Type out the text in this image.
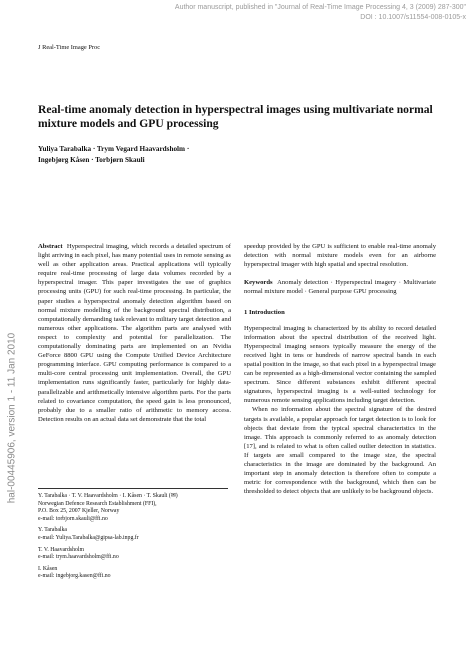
Author manuscript, published in "Journal of Real-Time Image Processing 4, 3 (2009) 287-300"
DOI : 10.1007/s11554-008-0105-x
hal-00445906, version 1 - 11 Jan 2010
J Real-Time Image Proc
Real-time anomaly detection in hyperspectral images using multivariate normal mixture models and GPU processing
Yuliya Tarabalka · Trym Vegard Haavardsholm ·
Ingebjørg Kåsen · Torbjørn Skauli

Abstract Hyperspectral imaging, which records a detailed spectrum of light arriving in each pixel, has many potential uses in remote sensing as well as other application areas. Practical applications will typically require real-time processing of large data volumes recorded by a hyperspectral imager. This paper investigates the use of graphics processing units (GPU) for such real-time processing. In particular, the paper studies a hyperspectral anomaly detection algorithm based on normal mixture modelling of the background spectral distribution, a computationally demanding task relevant to military target detection and numerous other applications. The algorithm parts are analysed with respect to complexity and potential for parallelization. The computationally dominating parts are implemented on an Nvidia GeForce 8800 GPU using the Compute Unified Device Architecture programming interface. GPU computing performance is compared to a multi-core central processing unit implementation. Overall, the GPU implementation runs significantly faster, particularly for highly data-parallelizable and arithmetically intensive algorithm parts. For the parts related to covariance computation, the speed gain is less pronounced, probably due to a smaller ratio of arithmetic to memory access. Detection results on an actual data set demonstrate that the total

Y. Tarabalka · T. V. Haavardsholm · I. Kåsen · T. Skauli (✉)

Norwegian Defence Research Establishment (FFI),

P.O. Box 25, 2007 Kjeller, Norway

e-mail: torbjorn.skauli@ffi.no

Y. Tarabalka

e-mail: Yuliya.Tarabalka@gipsa-lab.inpg.fr

T. V. Haavardsholm

e-mail: trym.haavardsholm@ffi.no

I. Kåsen

e-mail: ingebjorg.kasen@ffi.no

speedup provided by the GPU is sufficient to enable real-time anomaly detection with normal mixture models even for an airborne hyperspectral imager with high spatial and spectral resolution.

Keywords Anomaly detection · Hyperspectral imagery · Multivariate normal mixture model · General purpose GPU processing

1 Introduction

Hyperspectral imaging is characterized by its ability to record detailed information about the spectral distribution of the received light. Hyperspectral imaging sensors typically measure the energy of the received light in tens or hundreds of narrow spectral bands in each spatial position in the image, so that each pixel in a hyperspectral image can be represented as a high-dimensional vector containing the sampled spectrum. Since different substances exhibit different spectral signatures, hyperspectral imaging is a well-suited technology for numerous remote sensing applications including target detection.

When no information about the spectral signature of the desired targets is available, a popular approach for target detection is to look for objects that deviate from the typical spectral characteristics in the image. This approach is commonly referred to as anomaly detection [17], and is related to what is often called outlier detection in statistics. If targets are small compared to the image size, the spectral characteristics in the image are dominated by the background. An important step in anomaly detection is therefore often to compute a metric for correspondence with the background, which then can be thresholded to detect objects that are unlikely to be background objects.
